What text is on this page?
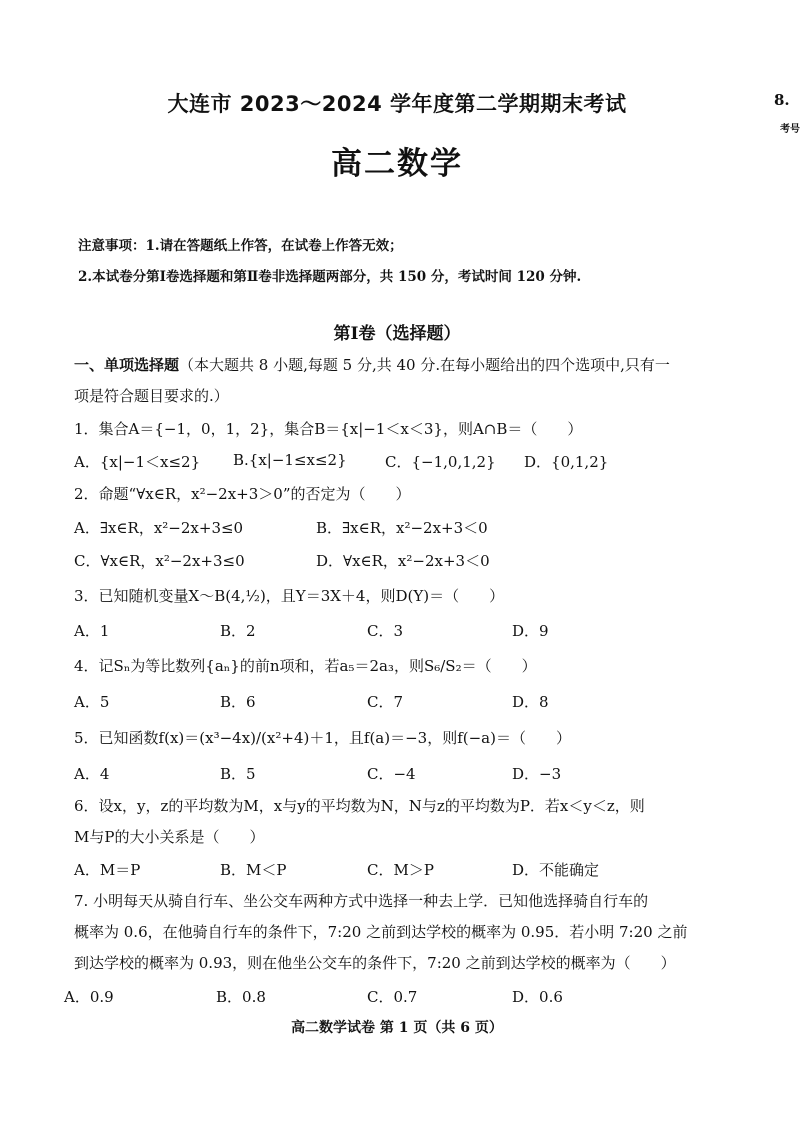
8.
考号
大连市 2023～2024 学年度第二学期期末考试
高二数学
注意事项：1.请在答题纸上作答，在试卷上作答无效；
2.本试卷分第Ⅰ卷选择题和第Ⅱ卷非选择题两部分，共 150 分，考试时间 120 分钟.
第Ⅰ卷（选择题）
一、单项选择题（本大题共 8 小题,每题 5 分,共 40 分.在每小题给出的四个选项中,只有一
项是符合题目要求的.）
1．集合A＝{−1，0，1，2}，集合B＝{x|−1＜x＜3}，则A∩B＝（　　）
A．{x|−1＜x≤2} B.{x|−1≤x≤2}	C．{−1,0,1,2} D．{0,1,2}
2．命题“∀x∈R，x²−2x+3＞0”的否定为（　　）
A．∃x∈R，x²−2x+3≤0	B．∃x∈R，x²−2x+3＜0
C．∀x∈R，x²−2x+3≤0	D．∀x∈R，x²−2x+3＜0
3．已知随机变量X～B(4,½)，且Y＝3X＋4，则D(Y)＝（　　）
A．1	B．2	C．3	D．9
4．记Sₙ为等比数列{aₙ}的前n项和，若a₅＝2a₃，则S₆/S₂＝（　　）
A．5	B．6	C．7	D．8
5．已知函数f(x)＝(x³−4x)/(x²+4)＋1，且f(a)＝−3，则f(−a)＝（　　）
A．4	B．5	C．−4	D．−3
6．设x，y，z的平均数为M，x与y的平均数为N，N与z的平均数为P．若x＜y＜z，则
M与P的大小关系是（　　）
A．M＝P	B．M＜P	C．M＞P	D．不能确定
7. 小明每天从骑自行车、坐公交车两种方式中选择一种去上学．已知他选择骑自行车的
概率为 0.6，在他骑自行车的条件下，7:20 之前到达学校的概率为 0.95．若小明 7:20 之前
到达学校的概率为 0.93，则在他坐公交车的条件下，7:20 之前到达学校的概率为（　　）
A．0.9	B．0.8	C．0.7	D．0.6
高二数学试卷 第 1 页（共 6 页）
